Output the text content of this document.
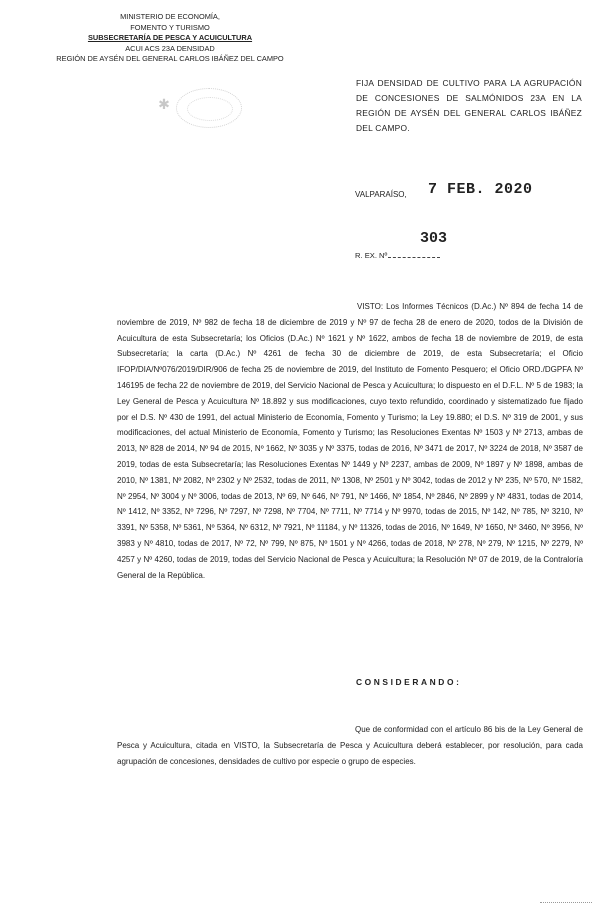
MINISTERIO DE ECONOMÍA,
FOMENTO Y TURISMO
SUBSECRETARÍA DE PESCA Y ACUICULTURA
ACUI ACS 23A DENSIDAD
REGIÓN DE AYSÉN DEL GENERAL CARLOS IBÁÑEZ DEL CAMPO
✱
FIJA DENSIDAD DE CULTIVO PARA LA AGRUPACIÓN DE CONCESIONES DE SALMÓNIDOS 23A EN LA REGIÓN DE AYSÉN DEL GENERAL CARLOS IBÁÑEZ DEL CAMPO.
VALPARAÍSO, 7 FEB. 2020
303
R. EX. Nº

VISTO: Los Informes Técnicos (D.Ac.) Nº 894 de fecha 14 de noviembre de 2019, Nº 982 de fecha 18 de diciembre de 2019 y Nº 97 de fecha 28 de enero de 2020, todos de la División de Acuicultura de esta Subsecretaría; los Oficios (D.Ac.) Nº 1621 y Nº 1622, ambos de fecha 18 de noviembre de 2019, de esta Subsecretaría; la carta (D.Ac.) Nº 4261 de fecha 30 de diciembre de 2019, de esta Subsecretaría; el Oficio IFOP/DIA/Nº076/2019/DIR/906 de fecha 25 de noviembre de 2019, del Instituto de Fomento Pesquero; el Oficio ORD./DGPFA Nº 146195 de fecha 22 de noviembre de 2019, del Servicio Nacional de Pesca y Acuicultura; lo dispuesto en el D.F.L. Nº 5 de 1983; la Ley General de Pesca y Acuicultura Nº 18.892 y sus modificaciones, cuyo texto refundido, coordinado y sistematizado fue fijado por el D.S. Nº 430 de 1991, del actual Ministerio de Economía, Fomento y Turismo; la Ley 19.880; el D.S. Nº 319 de 2001, y sus modificaciones, del actual Ministerio de Economía, Fomento y Turismo; las Resoluciones Exentas Nº 1503 y Nº 2713, ambas de 2013, Nº 828 de 2014, Nº 94 de 2015, Nº 1662, Nº 3035 y Nº 3375, todas de 2016, Nº 3471 de 2017, Nº 3224 de 2018, Nº 3587 de 2019, todas de esta Subsecretaría; las Resoluciones Exentas Nº 1449 y Nº 2237, ambas de 2009, Nº 1897 y Nº 1898, ambas de 2010, Nº 1381, Nº 2082, Nº 2302 y Nº 2532, todas de 2011, Nº 1308, Nº 2501 y Nº 3042, todas de 2012 y Nº 235, Nº 570, Nº 1582, Nº 2954, Nº 3004 y Nº 3006, todas de 2013, Nº 69, Nº 646, Nº 791, Nº 1466, Nº 1854, Nº 2846, Nº 2899 y Nº 4831, todas de 2014, Nº 1412, Nº 3352, Nº 7296, Nº 7297, Nº 7298, Nº 7704, Nº 7711, Nº 7714 y Nº 9970, todas de 2015, Nº 142, Nº 785, Nº 3210, Nº 3391, Nº 5358, Nº 5361, Nº 5364, Nº 6312, Nº 7921, Nº 11184, y Nº 11326, todas de 2016, Nº 1649, Nº 1650, Nº 3460, Nº 3956, Nº 3983 y Nº 4810, todas de 2017, Nº 72, Nº 799, Nº 875, Nº 1501 y Nº 4266, todas de 2018, Nº 278, Nº 279, Nº 1215, Nº 2279, Nº 4257 y Nº 4260, todas de 2019, todas del Servicio Nacional de Pesca y Acuicultura; la Resolución Nº 07 de 2019, de la Contraloría General de la República.

CONSIDERANDO:

Que de conformidad con el artículo 86 bis de la Ley General de Pesca y Acuicultura, citada en VISTO, la Subsecretaría de Pesca y Acuicultura deberá establecer, por resolución, para cada agrupación de concesiones, densidades de cultivo por especie o grupo de especies.
